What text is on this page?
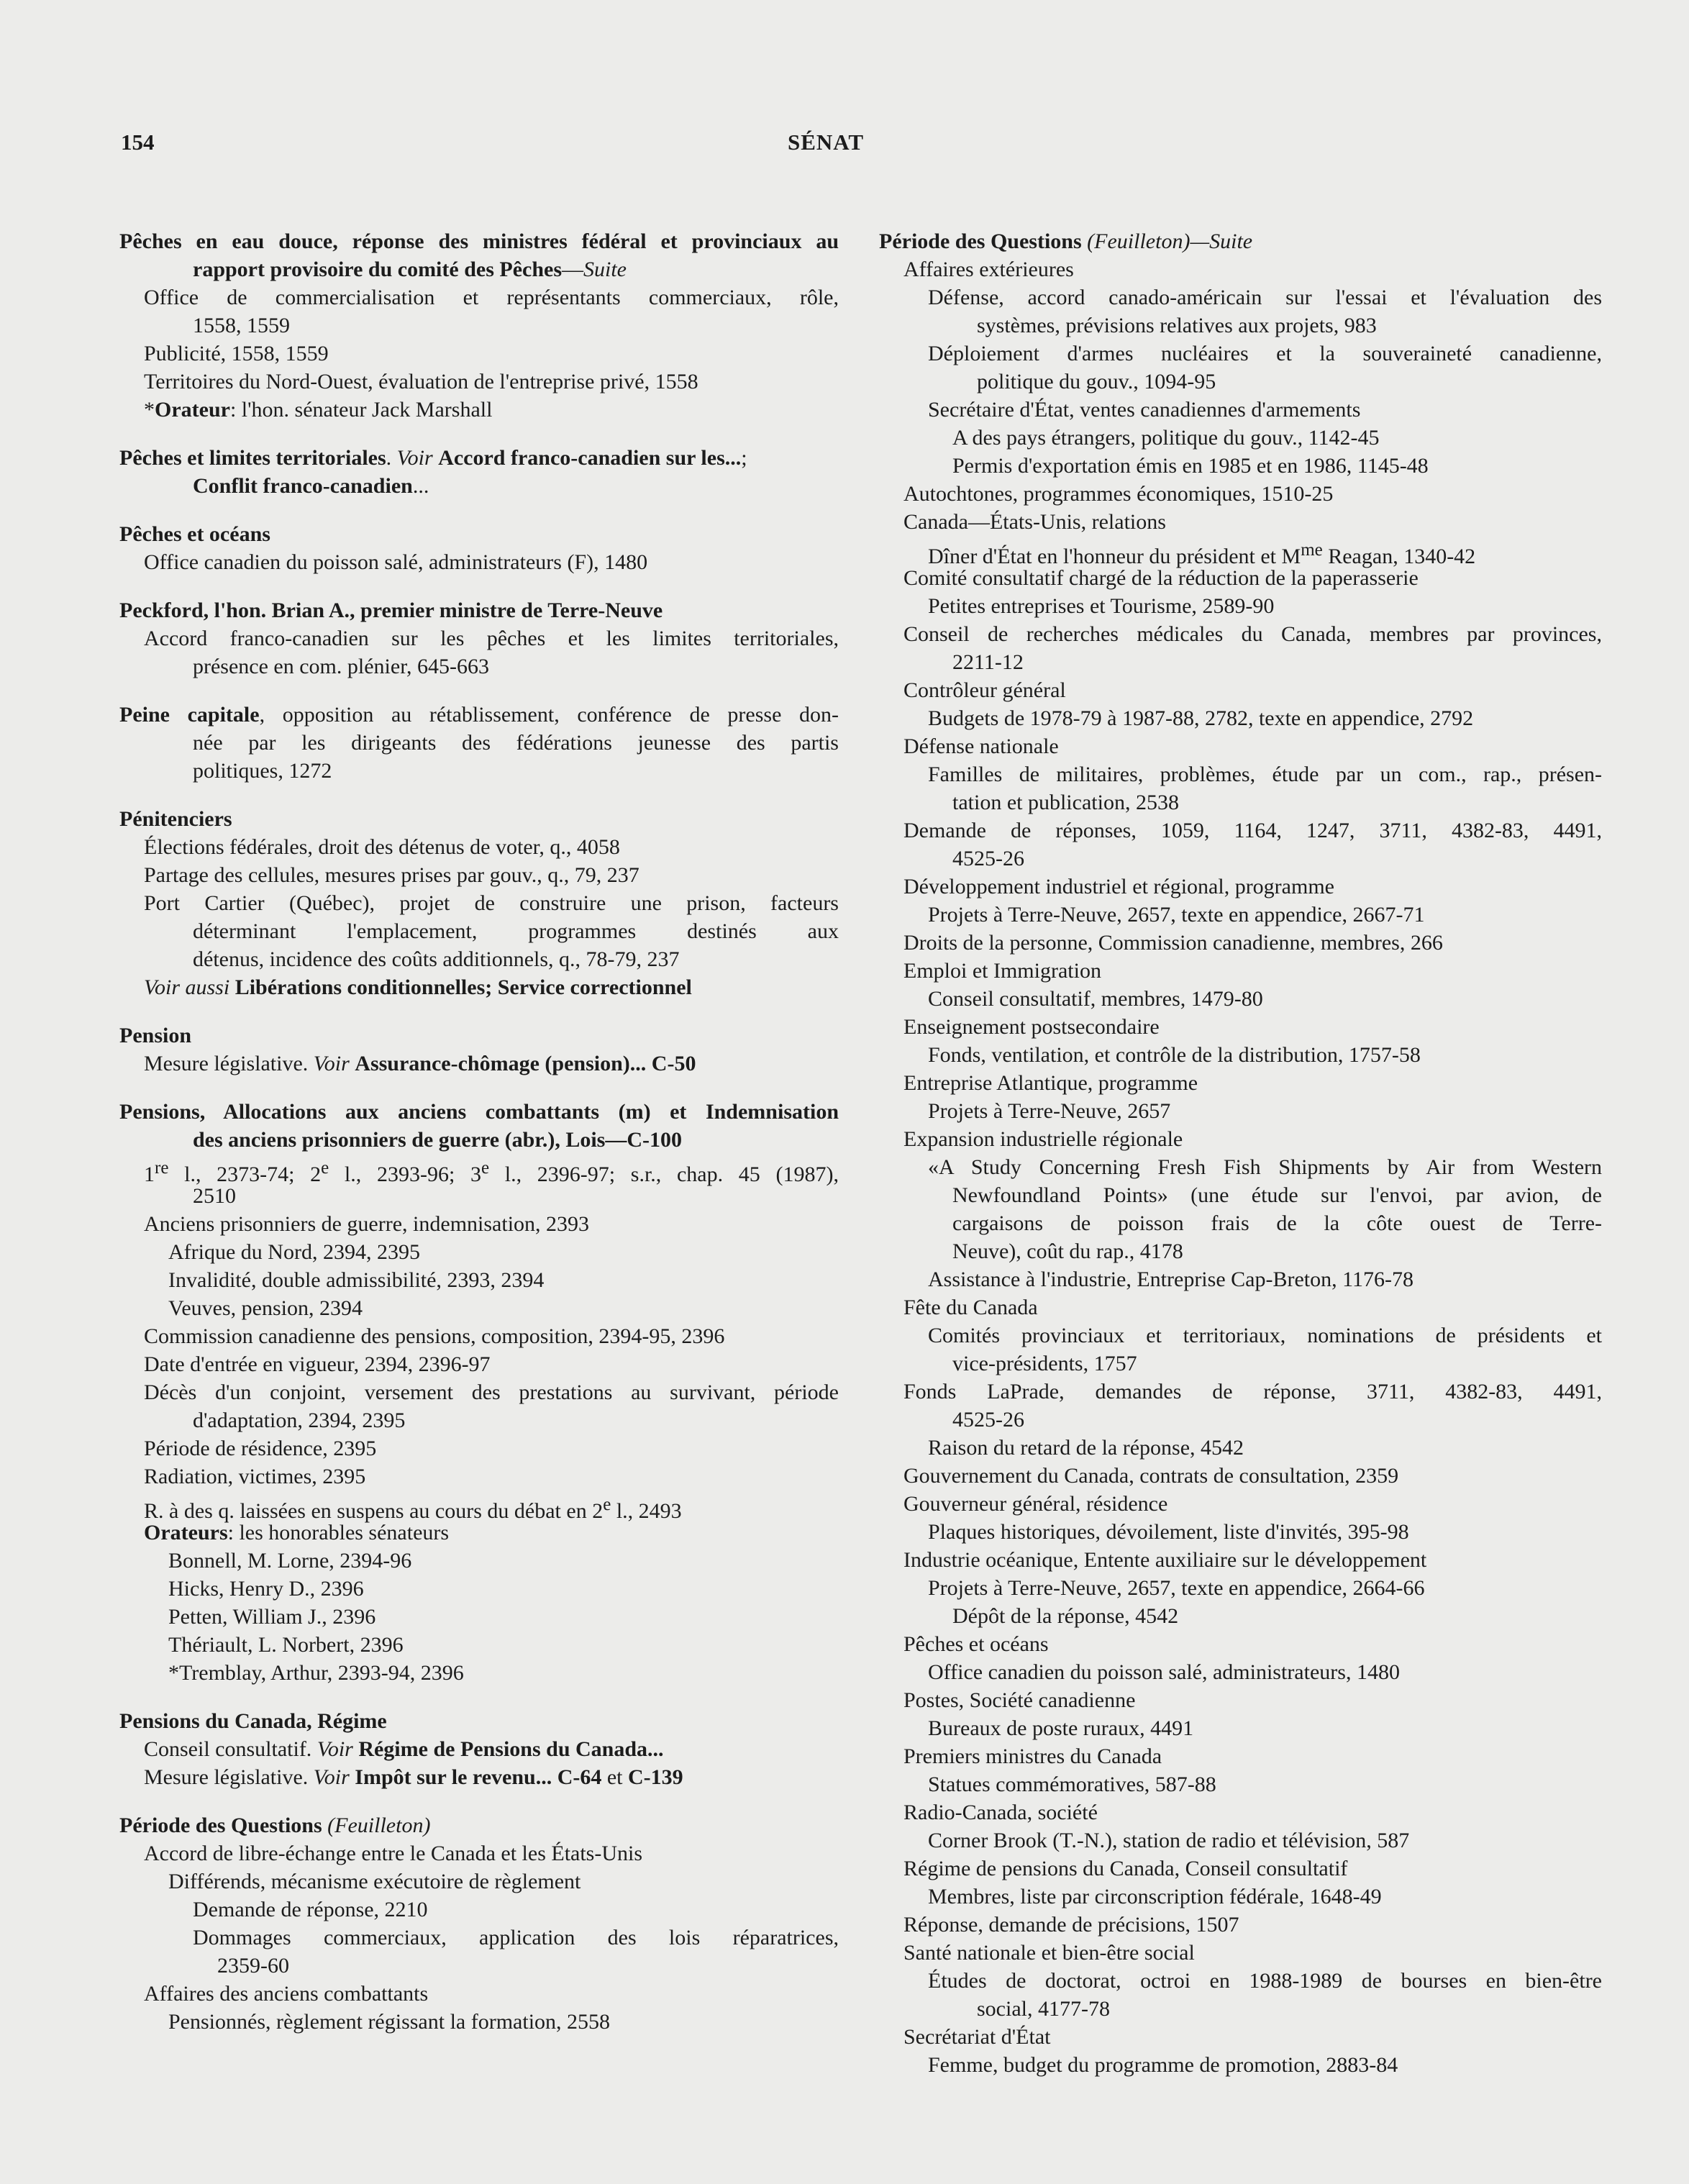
154	SÉNAT
Pêches en eau douce, réponse des ministres fédéral et provinciaux au
rapport provisoire du comité des Pêches—Suite
Office de commercialisation et représentants commerciaux, rôle,
1558, 1559
Publicité, 1558, 1559
Territoires du Nord-Ouest, évaluation de l'entreprise privé, 1558
*Orateur: l'hon. sénateur Jack Marshall
Pêches et limites territoriales. Voir Accord franco-canadien sur les...;
Conflit franco-canadien...
Pêches et océans
Office canadien du poisson salé, administrateurs (F), 1480
Peckford, l'hon. Brian A., premier ministre de Terre-Neuve
Accord franco-canadien sur les pêches et les limites territoriales,
présence en com. plénier, 645-663
Peine capitale, opposition au rétablissement, conférence de presse don-
née par les dirigeants des fédérations jeunesse des partis
politiques, 1272
Pénitenciers
Élections fédérales, droit des détenus de voter, q., 4058
Partage des cellules, mesures prises par gouv., q., 79, 237
Port Cartier (Québec), projet de construire une prison, facteurs
déterminant l'emplacement, programmes destinés aux
détenus, incidence des coûts additionnels, q., 78-79, 237
Voir aussi Libérations conditionnelles; Service correctionnel
Pension
Mesure législative. Voir Assurance-chômage (pension)... C-50
Pensions, Allocations aux anciens combattants (m) et Indemnisation
des anciens prisonniers de guerre (abr.), Lois—C-100
1re l., 2373-74; 2e l., 2393-96; 3e l., 2396-97; s.r., chap. 45 (1987),
2510
Anciens prisonniers de guerre, indemnisation, 2393
Afrique du Nord, 2394, 2395
Invalidité, double admissibilité, 2393, 2394
Veuves, pension, 2394
Commission canadienne des pensions, composition, 2394-95, 2396
Date d'entrée en vigueur, 2394, 2396-97
Décès d'un conjoint, versement des prestations au survivant, période
d'adaptation, 2394, 2395
Période de résidence, 2395
Radiation, victimes, 2395
R. à des q. laissées en suspens au cours du débat en 2e l., 2493
Orateurs: les honorables sénateurs
Bonnell, M. Lorne, 2394-96
Hicks, Henry D., 2396
Petten, William J., 2396
Thériault, L. Norbert, 2396
*Tremblay, Arthur, 2393-94, 2396
Pensions du Canada, Régime
Conseil consultatif. Voir Régime de Pensions du Canada...
Mesure législative. Voir Impôt sur le revenu... C-64 et C-139
Période des Questions (Feuilleton)
Accord de libre-échange entre le Canada et les États-Unis
Différends, mécanisme exécutoire de règlement
Demande de réponse, 2210
Dommages commerciaux, application des lois réparatrices,
2359-60
Affaires des anciens combattants
Pensionnés, règlement régissant la formation, 2558
Période des Questions (Feuilleton)—Suite
Affaires extérieures
Défense, accord canado-américain sur l'essai et l'évaluation des
systèmes, prévisions relatives aux projets, 983
Déploiement d'armes nucléaires et la souveraineté canadienne,
politique du gouv., 1094-95
Secrétaire d'État, ventes canadiennes d'armements
A des pays étrangers, politique du gouv., 1142-45
Permis d'exportation émis en 1985 et en 1986, 1145-48
Autochtones, programmes économiques, 1510-25
Canada—États-Unis, relations
Dîner d'État en l'honneur du président et $M^{me}$ Reagan, 1340-42
Comité consultatif chargé de la réduction de la paperasserie
Petites entreprises et Tourisme, 2589-90
Conseil de recherches médicales du Canada, membres par provinces,
2211-12
Contrôleur général
Budgets de 1978-79 à 1987-88, 2782, texte en appendice, 2792
Défense nationale
Familles de militaires, problèmes, étude par un com., rap., présen-
tation et publication, 2538
Demande de réponses, 1059, 1164, 1247, 3711, 4382-83, 4491,
4525-26
Développement industriel et régional, programme
Projets à Terre-Neuve, 2657, texte en appendice, 2667-71
Droits de la personne, Commission canadienne, membres, 266
Emploi et Immigration
Conseil consultatif, membres, 1479-80
Enseignement postsecondaire
Fonds, ventilation, et contrôle de la distribution, 1757-58
Entreprise Atlantique, programme
Projets à Terre-Neuve, 2657
Expansion industrielle régionale
«A Study Concerning Fresh Fish Shipments by Air from Western
Newfoundland Points» (une étude sur l'envoi, par avion, de
cargaisons de poisson frais de la côte ouest de Terre-
Neuve), coût du rap., 4178
Assistance à l'industrie, Entreprise Cap-Breton, 1176-78
Fête du Canada
Comités provinciaux et territoriaux, nominations de présidents et
vice-présidents, 1757
Fonds LaPrade, demandes de réponse, 3711, 4382-83, 4491,
4525-26
Raison du retard de la réponse, 4542
Gouvernement du Canada, contrats de consultation, 2359
Gouverneur général, résidence
Plaques historiques, dévoilement, liste d'invités, 395-98
Industrie océanique, Entente auxiliaire sur le développement
Projets à Terre-Neuve, 2657, texte en appendice, 2664-66
Dépôt de la réponse, 4542
Pêches et océans
Office canadien du poisson salé, administrateurs, 1480
Postes, Société canadienne
Bureaux de poste ruraux, 4491
Premiers ministres du Canada
Statues commémoratives, 587-88
Radio-Canada, société
Corner Brook (T.-N.), station de radio et télévision, 587
Régime de pensions du Canada, Conseil consultatif
Membres, liste par circonscription fédérale, 1648-49
Réponse, demande de précisions, 1507
Santé nationale et bien-être social
Études de doctorat, octroi en 1988-1989 de bourses en bien-être
social, 4177-78
Secrétariat d'État
Femme, budget du programme de promotion, 2883-84
